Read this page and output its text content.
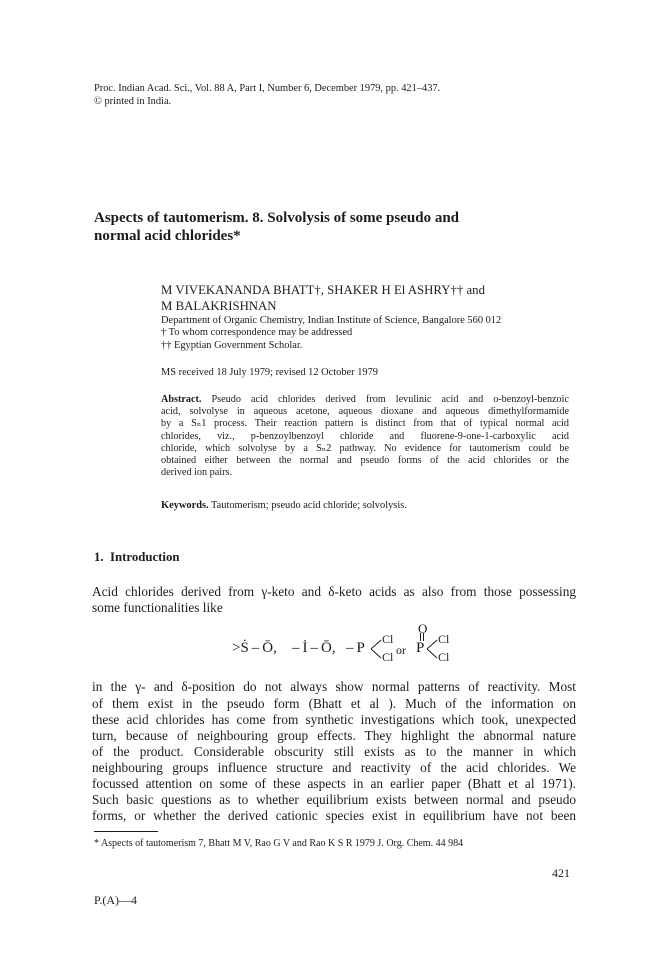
Proc. Indian Acad. Sci., Vol. 88 A, Part I, Number 6, December 1979, pp. 421–437.
© printed in India.
Aspects of tautomerism. 8. Solvolysis of some pseudo and
normal acid chlorides*
M VIVEKANANDA BHATT†, SHAKER H El ASHRY†† and
M BALAKRISHNAN
Department of Organic Chemistry, Indian Institute of Science, Bangalore 560 012
† To whom correspondence may be addressed
†† Egyptian Government Scholar.
MS received 18 July 1979; revised 12 October 1979
Abstract. Pseudo acid chlorides derived from levulinic acid and o-benzoyl-benzoic
acid, solvolyse in aqueous acetone, aqueous dioxane and aqueous dimethylformamide
by a Sₙ1 process. Their reaction pattern is distinct from that of typical normal acid
chlorides, viz., p-benzoylbenzoyl chloride and fluorene-9-one-1-carboxylic acid
chloride, which solvolyse by a Sₙ2 pathway. No evidence for tautomerism could be
obtained either between the normal and pseudo forms of the acid chlorides or the
derived ion pairs.
Keywords. Tautomerism; pseudo acid chloride; solvolysis.
1. Introduction
Acid chlorides derived from γ-keto and δ-keto acids as also from those possessing
some functionalities like
O
>Ṡ – Ō, – İ – Ō, – P
Cl
Cl or P
Cl
Cl
in the γ- and δ-position do not always show normal patterns of reactivity. Most
of them exist in the pseudo form (Bhatt et al ). Much of the information on
these acid chlorides has come from synthetic investigations which took, unexpected
turn, because of neighbouring group effects. They highlight the abnormal nature
of the product. Considerable obscurity still exists as to the manner in which
neighbouring groups influence structure and reactivity of the acid chlorides. We
focussed attention on some of these aspects in an earlier paper (Bhatt et al 1971).
Such basic questions as to whether equilibrium exists between normal and pseudo
forms, or whether the derived cationic species exist in equilibrium have not been
* Aspects of tautomerism 7, Bhatt M V, Rao G V and Rao K S R 1979 J. Org. Chem. 44 984
421
P.(A)—4
